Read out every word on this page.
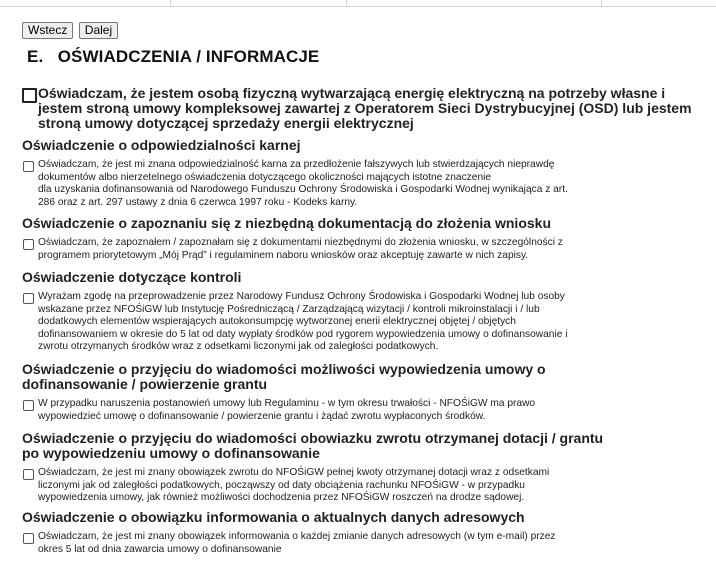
Wstecz Dalej
E.   OŚWIADCZENIA / INFORMACJE
Oświadczam, że jestem osobą fizyczną wytwarzającą energię elektryczną na potrzeby własne i jestem stroną umowy kompleksowej zawartej z Operatorem Sieci Dystrybucyjnej (OSD) lub jestem stroną umowy dotyczącej sprzedaży energii elektrycznej
Oświadczenie o odpowiedzialności karnej
Oświadczam, że jest mi znana odpowiedzialność karna za przedłożenie fałszywych lub stwierdzających nieprawdę
dokumentów albo nierzetelnego oświadczenia dotyczącego okoliczności mających istotne znaczenie
dla uzyskania dofinansowania od Narodowego Funduszu Ochrony Środowiska i Gospodarki Wodnej wynikająca z art.
286 oraz z art. 297 ustawy z dnia 6 czerwca 1997 roku - Kodeks karny.
Oświadczenie o zapoznaniu się z niezbędną dokumentacją do złożenia wniosku
Oświadczam, że zapoznałem / zapoznałam się z dokumentami niezbędnymi do złożenia wniosku, w szczególności z
programem priorytetowym „Mój Prąd” i regulaminem naboru wniosków oraz akceptuję zawarte w nich zapisy.
Oświadczenie dotyczące kontroli
Wyrażam zgodę na przeprowadzenie przez Narodowy Fundusz Ochrony Środowiska i Gospodarki Wodnej lub osoby
wskazane przez NFOŚiGW lub Instytucję Pośredniczącą / Zarządzającą wizytacji / kontroli mikroinstalacji i / lub
dodatkowych elementów wspierających autokonsumpcję wytworzonej enerii elektrycznej objętej / objętych
dofinansowaniem w okresie do 5 lat od daty wypłaty środków pod rygorem wypowiedzenia umowy o dofinansowanie i
zwrotu otrzymanych środków wraz z odsetkami liczonymi jak od zaległości podatkowych.
Oświadczenie o przyjęciu do wiadomości możliwości wypowiedzenia umowy o dofinansowanie / powierzenie grantu
W przypadku naruszenia postanowień umowy lub Regulaminu - w tym okresu trwałości - NFOŚiGW ma prawo
wypowiedzieć umowę o dofinansowanie / powierzenie grantu i żądać zwrotu wypłaconych środków.
Oświadczenie o przyjęciu do wiadomości obowiazku zwrotu otrzymanej dotacji / grantu po wypowiedzeniu umowy o dofinansowanie
Oświadczam, że jest mi znany obowiązek zwrotu do NFOŚiGW pełnej kwoty otrzymanej dotacji wraz z odsetkami
liczonymi jak od zaległości podatkowych, począwszy od daty obciążenia rachunku NFOŚiGW - w przypadku
wypowiedzenia umowy, jak również możliwości dochodzenia przez NFOŚiGW roszczeń na drodze sądowej.
Oświadczenie o obowiązku informowania o aktualnych danych adresowych
Oświadczam, że jest mi znany obowiązek informowania o każdej zmianie danych adresowych (w tym e-mail) przez
okres 5 lat od dnia zawarcia umowy o dofinansowanie
